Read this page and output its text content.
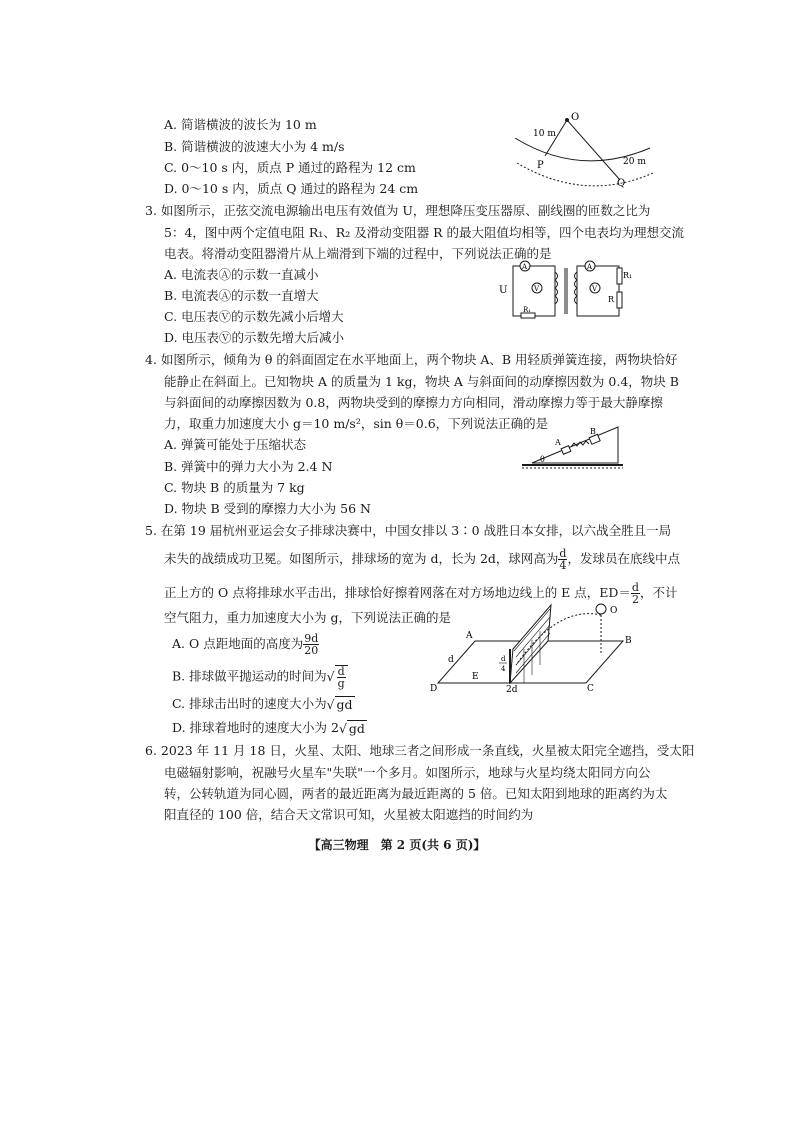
A. 简谐横波的波长为 10 m
B. 简谐横波的波速大小为 4 m/s
C. 0～10 s 内，质点 P 通过的路程为 12 cm
D. 0～10 s 内，质点 Q 通过的路程为 24 cm
O
P
Q
10 m
20 m
3. 如图所示，正弦交流电源输出电压有效值为 U，理想降压变压器原、副线圈的匝数之比为
5：4，图中两个定值电阻 R₁、R₂ 及滑动变阻器 R 的最大阻值均相等，四个电表均为理想交流
电表。将滑动变阻器滑片从上端滑到下端的过程中，下列说法正确的是
A. 电流表Ⓐ的示数一直减小
B. 电流表Ⓐ的示数一直增大
C. 电压表Ⓥ的示数先减小后增大
D. 电压表Ⓥ的示数先增大后减小
U
A
V
A
V
R₁
R
R₁
4. 如图所示，倾角为 θ 的斜面固定在水平地面上，两个物块 A、B 用轻质弹簧连接，两物块恰好
能静止在斜面上。已知物块 A 的质量为 1 kg，物块 A 与斜面间的动摩擦因数为 0.4，物块 B
与斜面间的动摩擦因数为 0.8，两物块受到的摩擦力方向相同，滑动摩擦力等于最大静摩擦
力，取重力加速度大小 g＝10 m/s²，sin θ＝0.6，下列说法正确的是
A. 弹簧可能处于压缩状态
B. 弹簧中的弹力大小为 2.4 N
C. 物块 B 的质量为 7 kg
D. 物块 B 受到的摩擦力大小为 56 N
A
B
θ
5. 在第 19 届杭州亚运会女子排球决赛中，中国女排以 3∶0 战胜日本女排，以六战全胜且一局
未失的战绩成功卫冕。如图所示，排球场的宽为 d，长为 2d，球网高为 $\frac{d}{4}$ ，发球员在底线中点
正上方的 O 点将排球水平击出，排球恰好擦着网落在对方场地边线上的 E 点，$ED= \frac{d}{2}$ ，不计
空气阻力，重力加速度大小为 g，下列说法正确的是
A. O 点距地面的高度为 $\frac{9d}{20}$
B. 排球做平抛运动的时间为√ $\frac{d}{g}$
C. 排球击出时的速度大小为√ gd
D. 排球着地时的速度大小为 2√ gd
O
A	B
C
D
E
d
2d
d
4
6. 2023 年 11 月 18 日，火星、太阳、地球三者之间形成一条直线，火星被太阳完全遮挡，受太阳
电磁辐射影响，祝融号火星车"失联"一个多月。如图所示，地球与火星均绕太阳同方向公
转，公转轨道为同心圆，两者的最近距离为最近距离的 5 倍。已知太阳到地球的距离约为太
阳直径的 100 倍，结合天文常识可知，火星被太阳遮挡的时间约为
【高三物理　第 2 页(共 6 页)】
